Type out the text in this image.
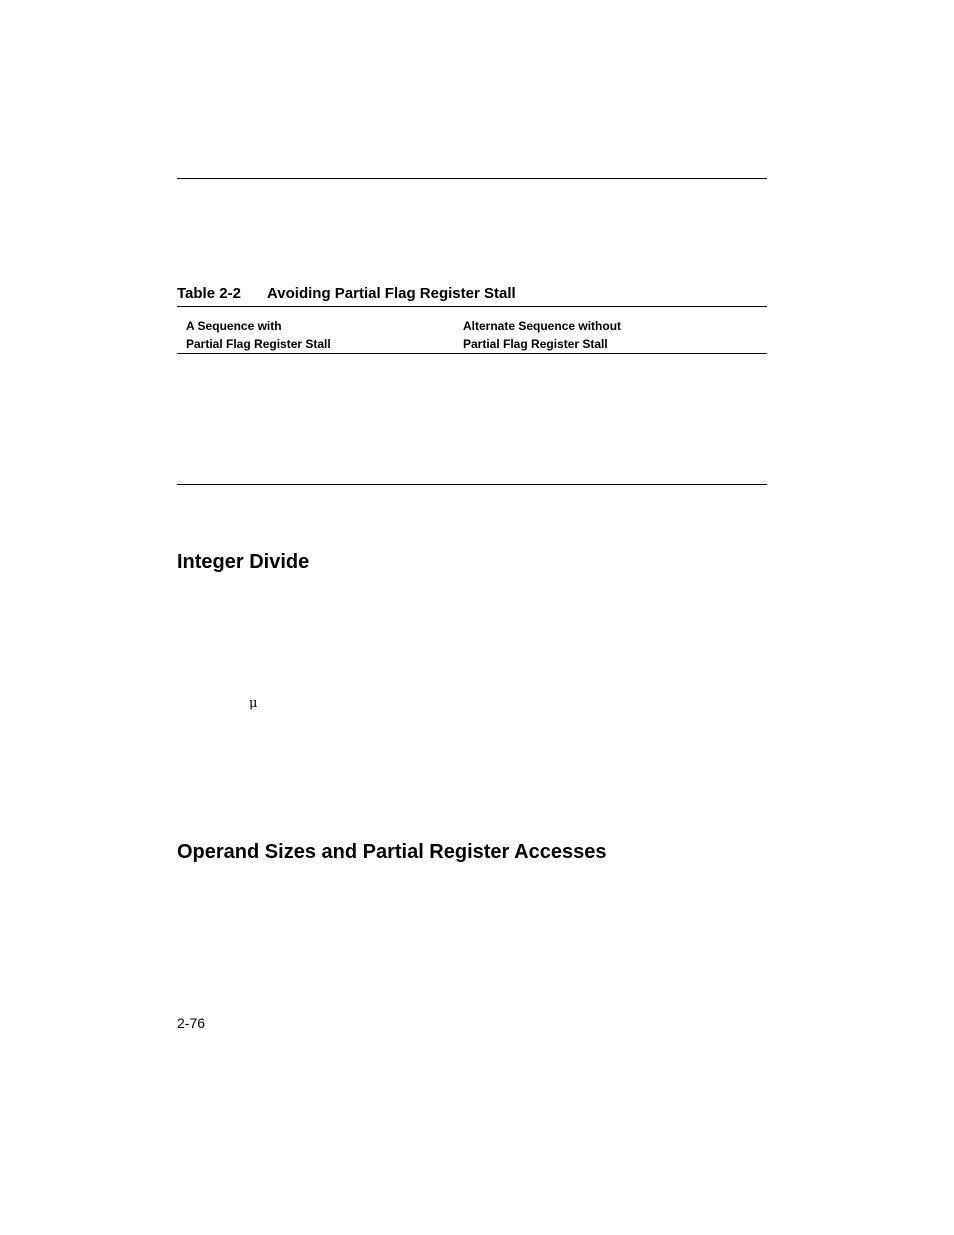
Table 2-2 Avoiding Partial Flag Register Stall
A Sequence with
Partial Flag Register Stall
Alternate Sequence without
Partial Flag Register Stall
Integer Divide
μ
Operand Sizes and Partial Register Accesses
2-76
